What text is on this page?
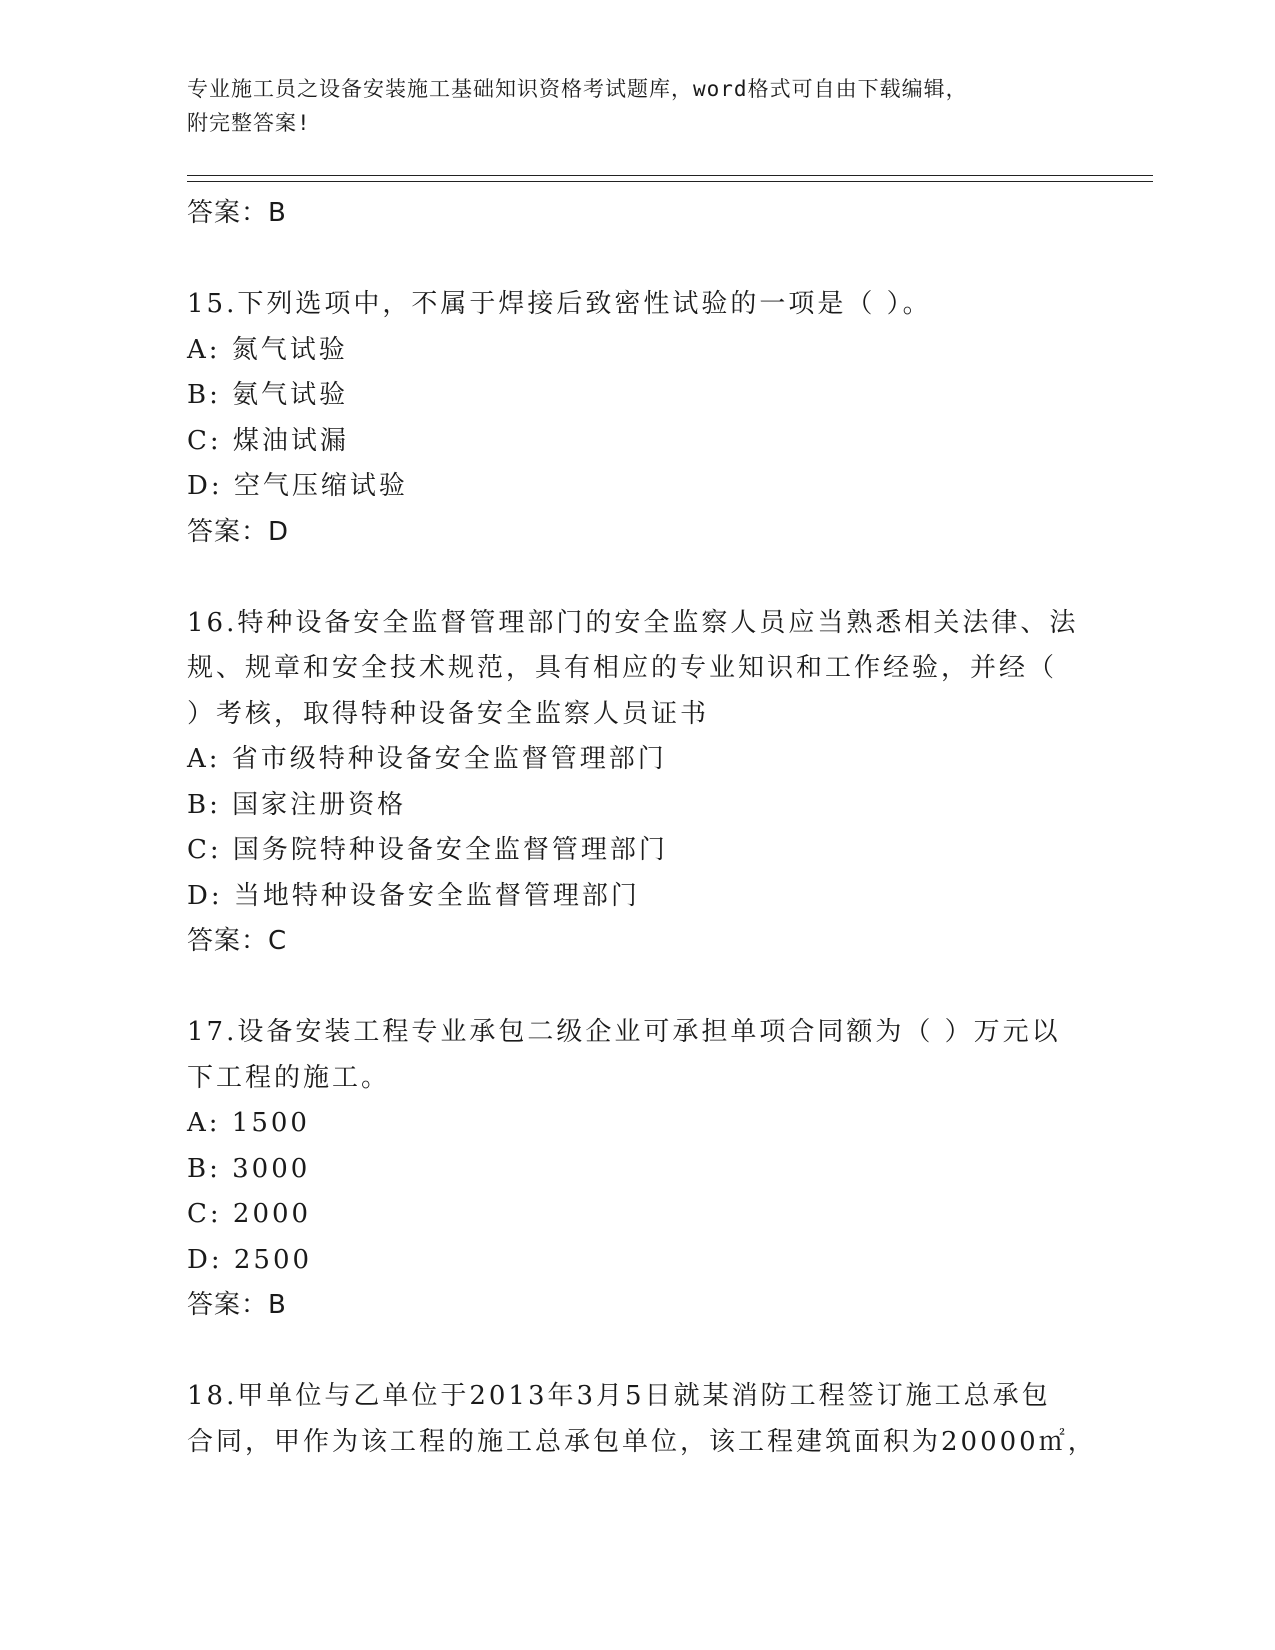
专业施工员之设备安装施工基础知识资格考试题库，word格式可自由下载编辑，
附完整答案!
答案：B
15.下列选项中，不属于焊接后致密性试验的一项是（ ）。
A: 氮气试验
B: 氨气试验
C: 煤油试漏
D: 空气压缩试验
答案：D
16.特种设备安全监督管理部门的安全监察人员应当熟悉相关法律、法
规、规章和安全技术规范，具有相应的专业知识和工作经验，并经（
）考核，取得特种设备安全监察人员证书
A: 省市级特种设备安全监督管理部门
B: 国家注册资格
C: 国务院特种设备安全监督管理部门
D: 当地特种设备安全监督管理部门
答案：C
17.设备安装工程专业承包二级企业可承担单项合同额为（ ）万元以
下工程的施工。
A: 1500
B: 3000
C: 2000
D: 2500
答案：B
18.甲单位与乙单位于2013年3月5日就某消防工程签订施工总承包
合同，甲作为该工程的施工总承包单位，该工程建筑面积为20000㎡，
